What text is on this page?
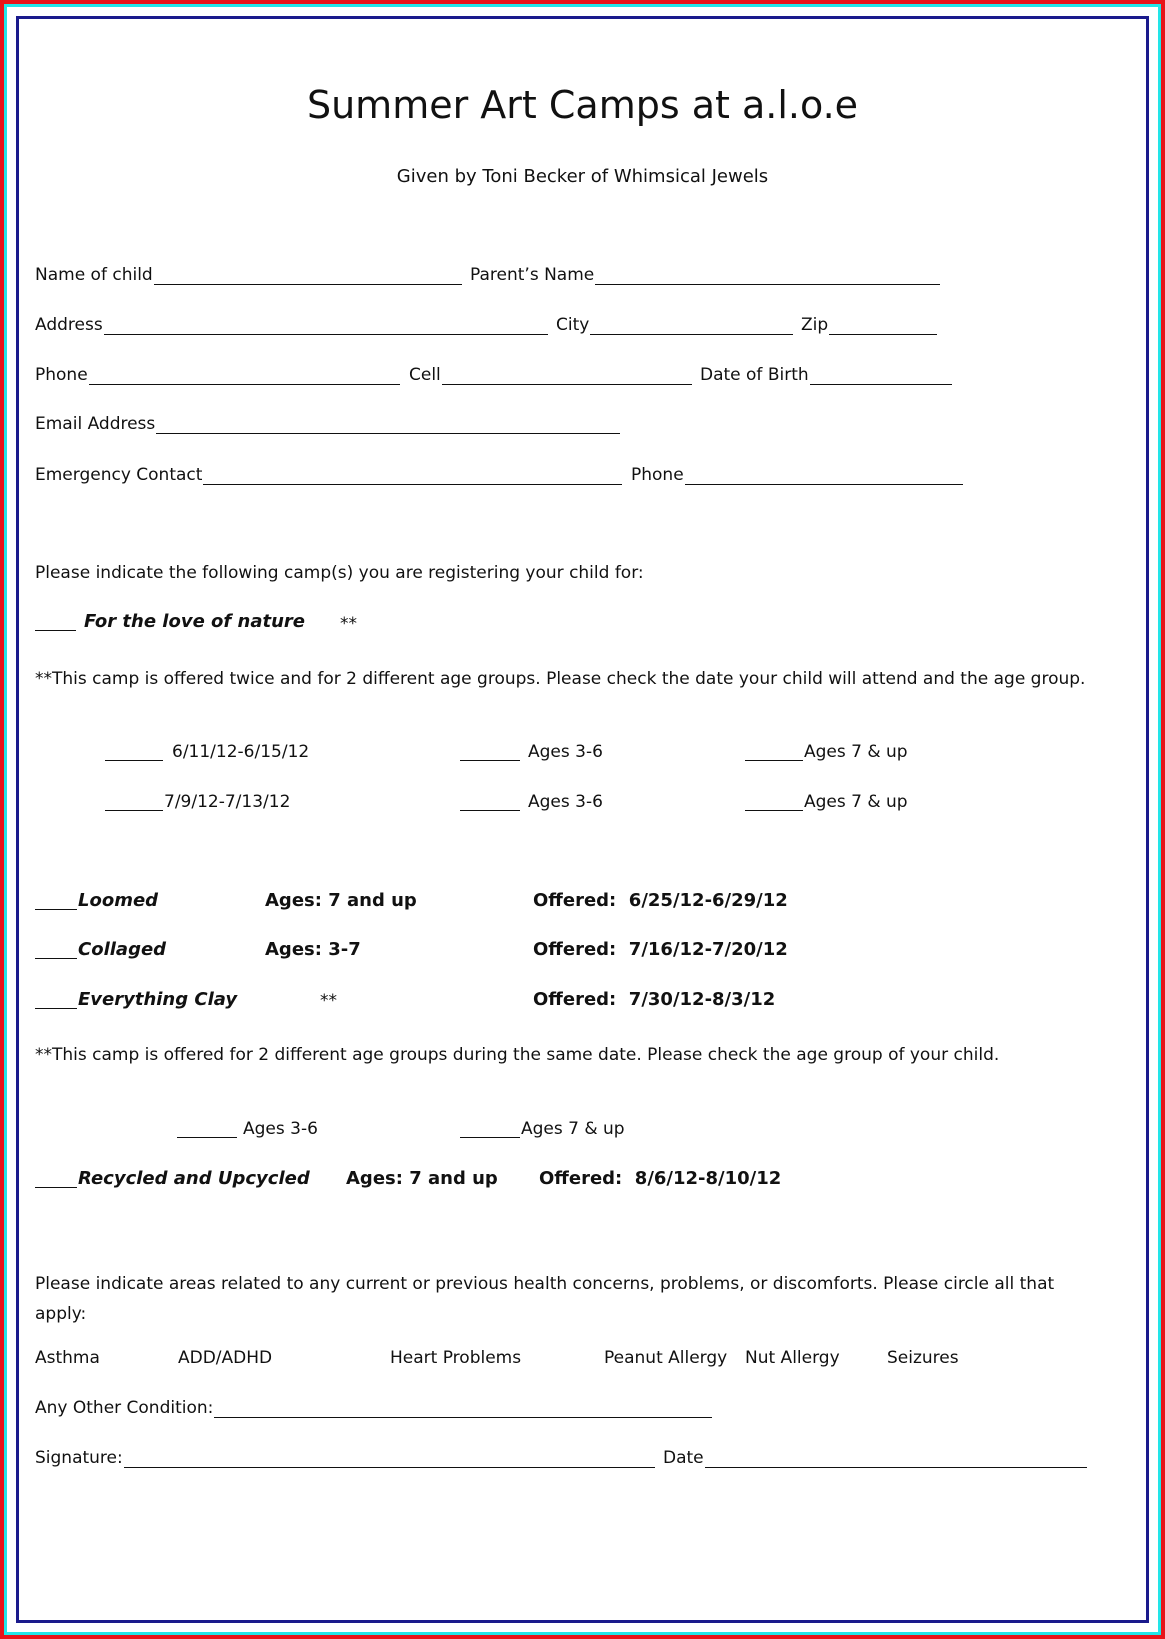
Summer Art Camps at a.l.o.e
Given by Toni Becker of Whimsical Jewels
Name of child	Parent’s Name
Address	City	Zip
Phone	Cell	Date of Birth
Email Address
Emergency Contact	Phone
Please indicate the following camp(s) you are registering your child for:
For the love of nature **
**This camp is offered twice and for 2 different age groups. Please check the date your child will attend and the age group.
6/11/12-6/15/12	Ages 3-6	Ages 7 & up
7/9/12-7/13/12	Ages 3-6	Ages 7 & up
Loomed	Ages: 7 and up	Offered:  6/25/12-6/29/12
Collaged	Ages: 3-7	Offered:  7/16/12-7/20/12
Everything Clay	**	Offered:  7/30/12-8/3/12
**This camp is offered for 2 different age groups during the same date. Please check the age group of your child.
Ages 3-6	Ages 7 & up
Recycled and Upcycled Ages: 7 and up Offered:  8/6/12-8/10/12
Please indicate areas related to any current or previous health concerns, problems, or discomforts. Please circle all that apply:
Asthma	ADD/ADHD	Heart Problems	Peanut Allergy Nut Allergy	Seizures
Any Other Condition:
Signature:	Date
